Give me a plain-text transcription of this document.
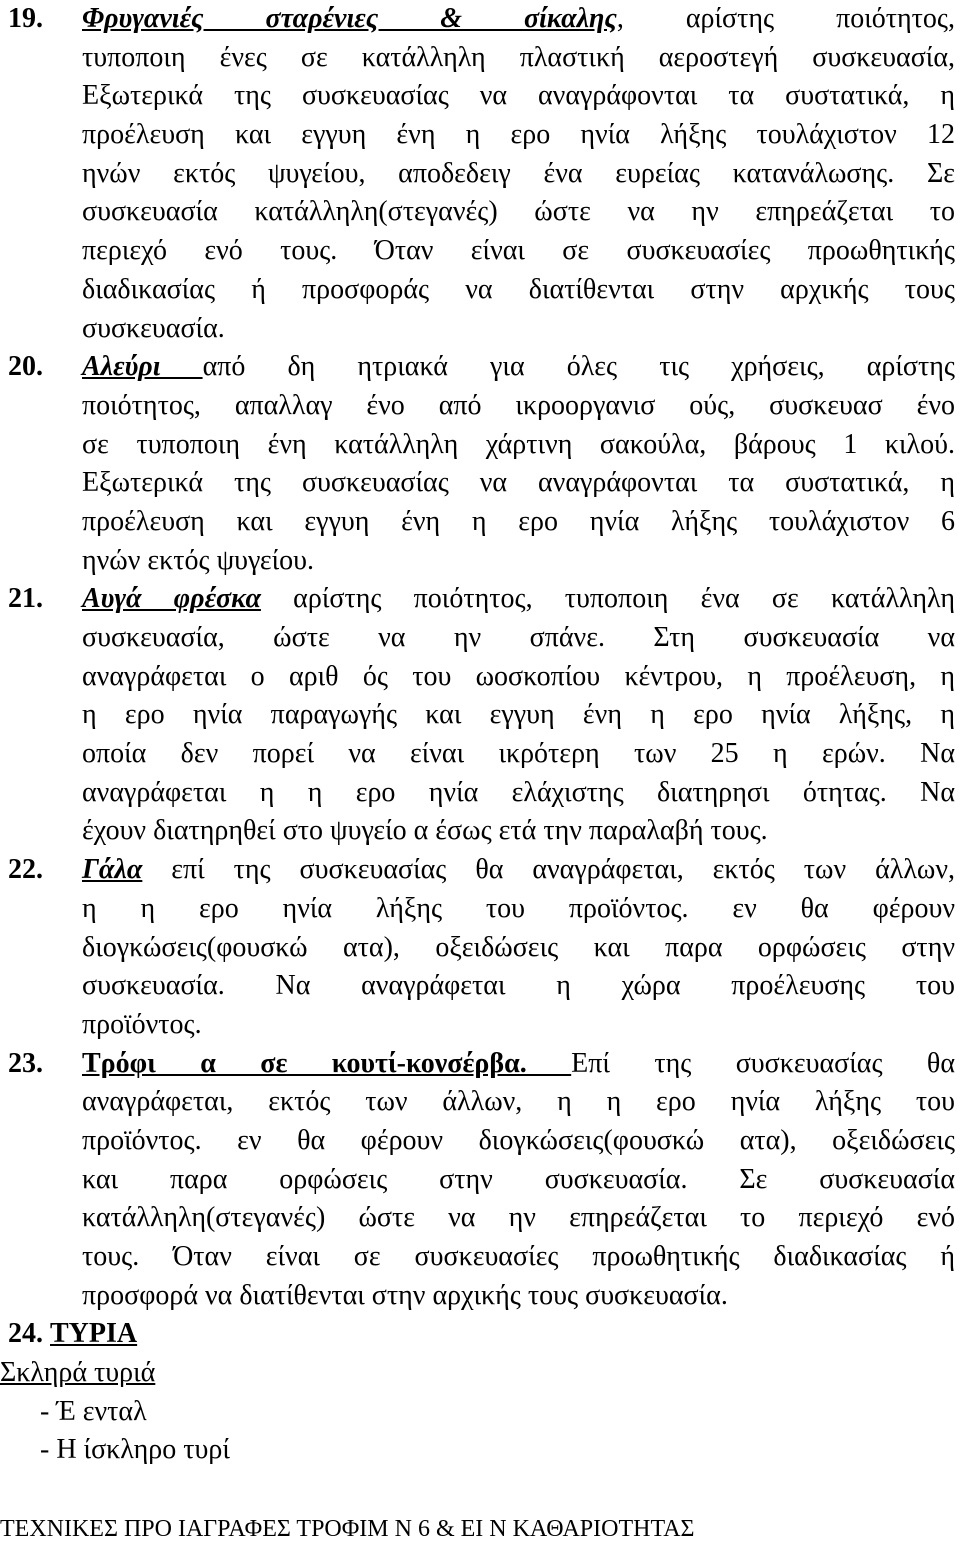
19.	Φρυγανιές σταρένιες & σίκαλης, αρίστης ποιότητος,
τυποποιη ένες σε κατάλληλη πλαστική αεροστεγή συσκευασία,
Εξωτερικά της συσκευασίας να αναγράφονται τα συστατικά, η
προέλευση και εγγυη ένη η ερο ηνία λήξης τουλάχιστον 12
ηνών εκτός ψυγείου, αποδεδειγ ένα ευρείας κατανάλωσης. Σε
συσκευασία κατάλληλη(στεγανές) ώστε να ην επηρεάζεται το
περιεχό ενό τους. Όταν είναι σε συσκευασίες προωθητικής
διαδικασίας ή προσφοράς να διατίθενται στην αρχικής τους
συσκευασία.
20.	Αλεύρι από δη ητριακά για όλες τις χρήσεις, αρίστης
ποιότητος, απαλλαγ ένο από ικροοργανισ ούς, συσκευασ ένο
σε τυποποιη ένη κατάλληλη χάρτινη σακούλα, βάρους 1 κιλού.
Εξωτερικά της συσκευασίας να αναγράφονται τα συστατικά, η
προέλευση και εγγυη ένη η ερο ηνία λήξης τουλάχιστον 6
ηνών εκτός ψυγείου.
21.	Αυγά φρέσκα αρίστης ποιότητος, τυποποιη ένα σε κατάλληλη
συσκευασία, ώστε να ην σπάνε. Στη συσκευασία να
αναγράφεται ο αριθ ός του ωοσκοπίου κέντρου, η προέλευση, η
η ερο ηνία παραγωγής και εγγυη ένη η ερο ηνία λήξης, η
οποία δεν πορεί να είναι ικρότερη των 25 η ερών. Να
αναγράφεται η η ερο ηνία ελάχιστης διατηρησι ότητας. Να
έχουν διατηρηθεί στο ψυγείο α έσως ετά την παραλαβή τους.
22.	Γάλα επί της συσκευασίας θα αναγράφεται, εκτός των άλλων,
η η ερο ηνία λήξης του προϊόντος. εν θα φέρουν
διογκώσεις(φουσκώ ατα), οξειδώσεις και παρα ορφώσεις στην
συσκευασία. Να αναγράφεται η χώρα προέλευσης του
προϊόντος.
23.	Τρόφι α σε κουτί-κονσέρβα. Επί της συσκευασίας θα
αναγράφεται, εκτός των άλλων, η η ερο ηνία λήξης του
προϊόντος. εν θα φέρουν διογκώσεις(φουσκώ ατα), οξειδώσεις
και παρα ορφώσεις στην συσκευασία. Σε συσκευασία
κατάλληλη(στεγανές) ώστε να ην επηρεάζεται το περιεχό ενό
τους. Όταν είναι σε συσκευασίες προωθητικής διαδικασίας ή
προσφορά να διατίθενται στην αρχικής τους συσκευασία.
24. ΤΥΡΙΑ
Σκληρά τυριά
- Έ ενταλ
- Η ίσκληρο τυρί
ΤΕΧΝΙΚΕΣ ΠΡΟ ΙΑΓΡΑΦΕΣ ΤΡΟΦΙΜ Ν 6 & ΕΙ Ν ΚΑΘΑΡΙΟΤΗΤΑΣ
